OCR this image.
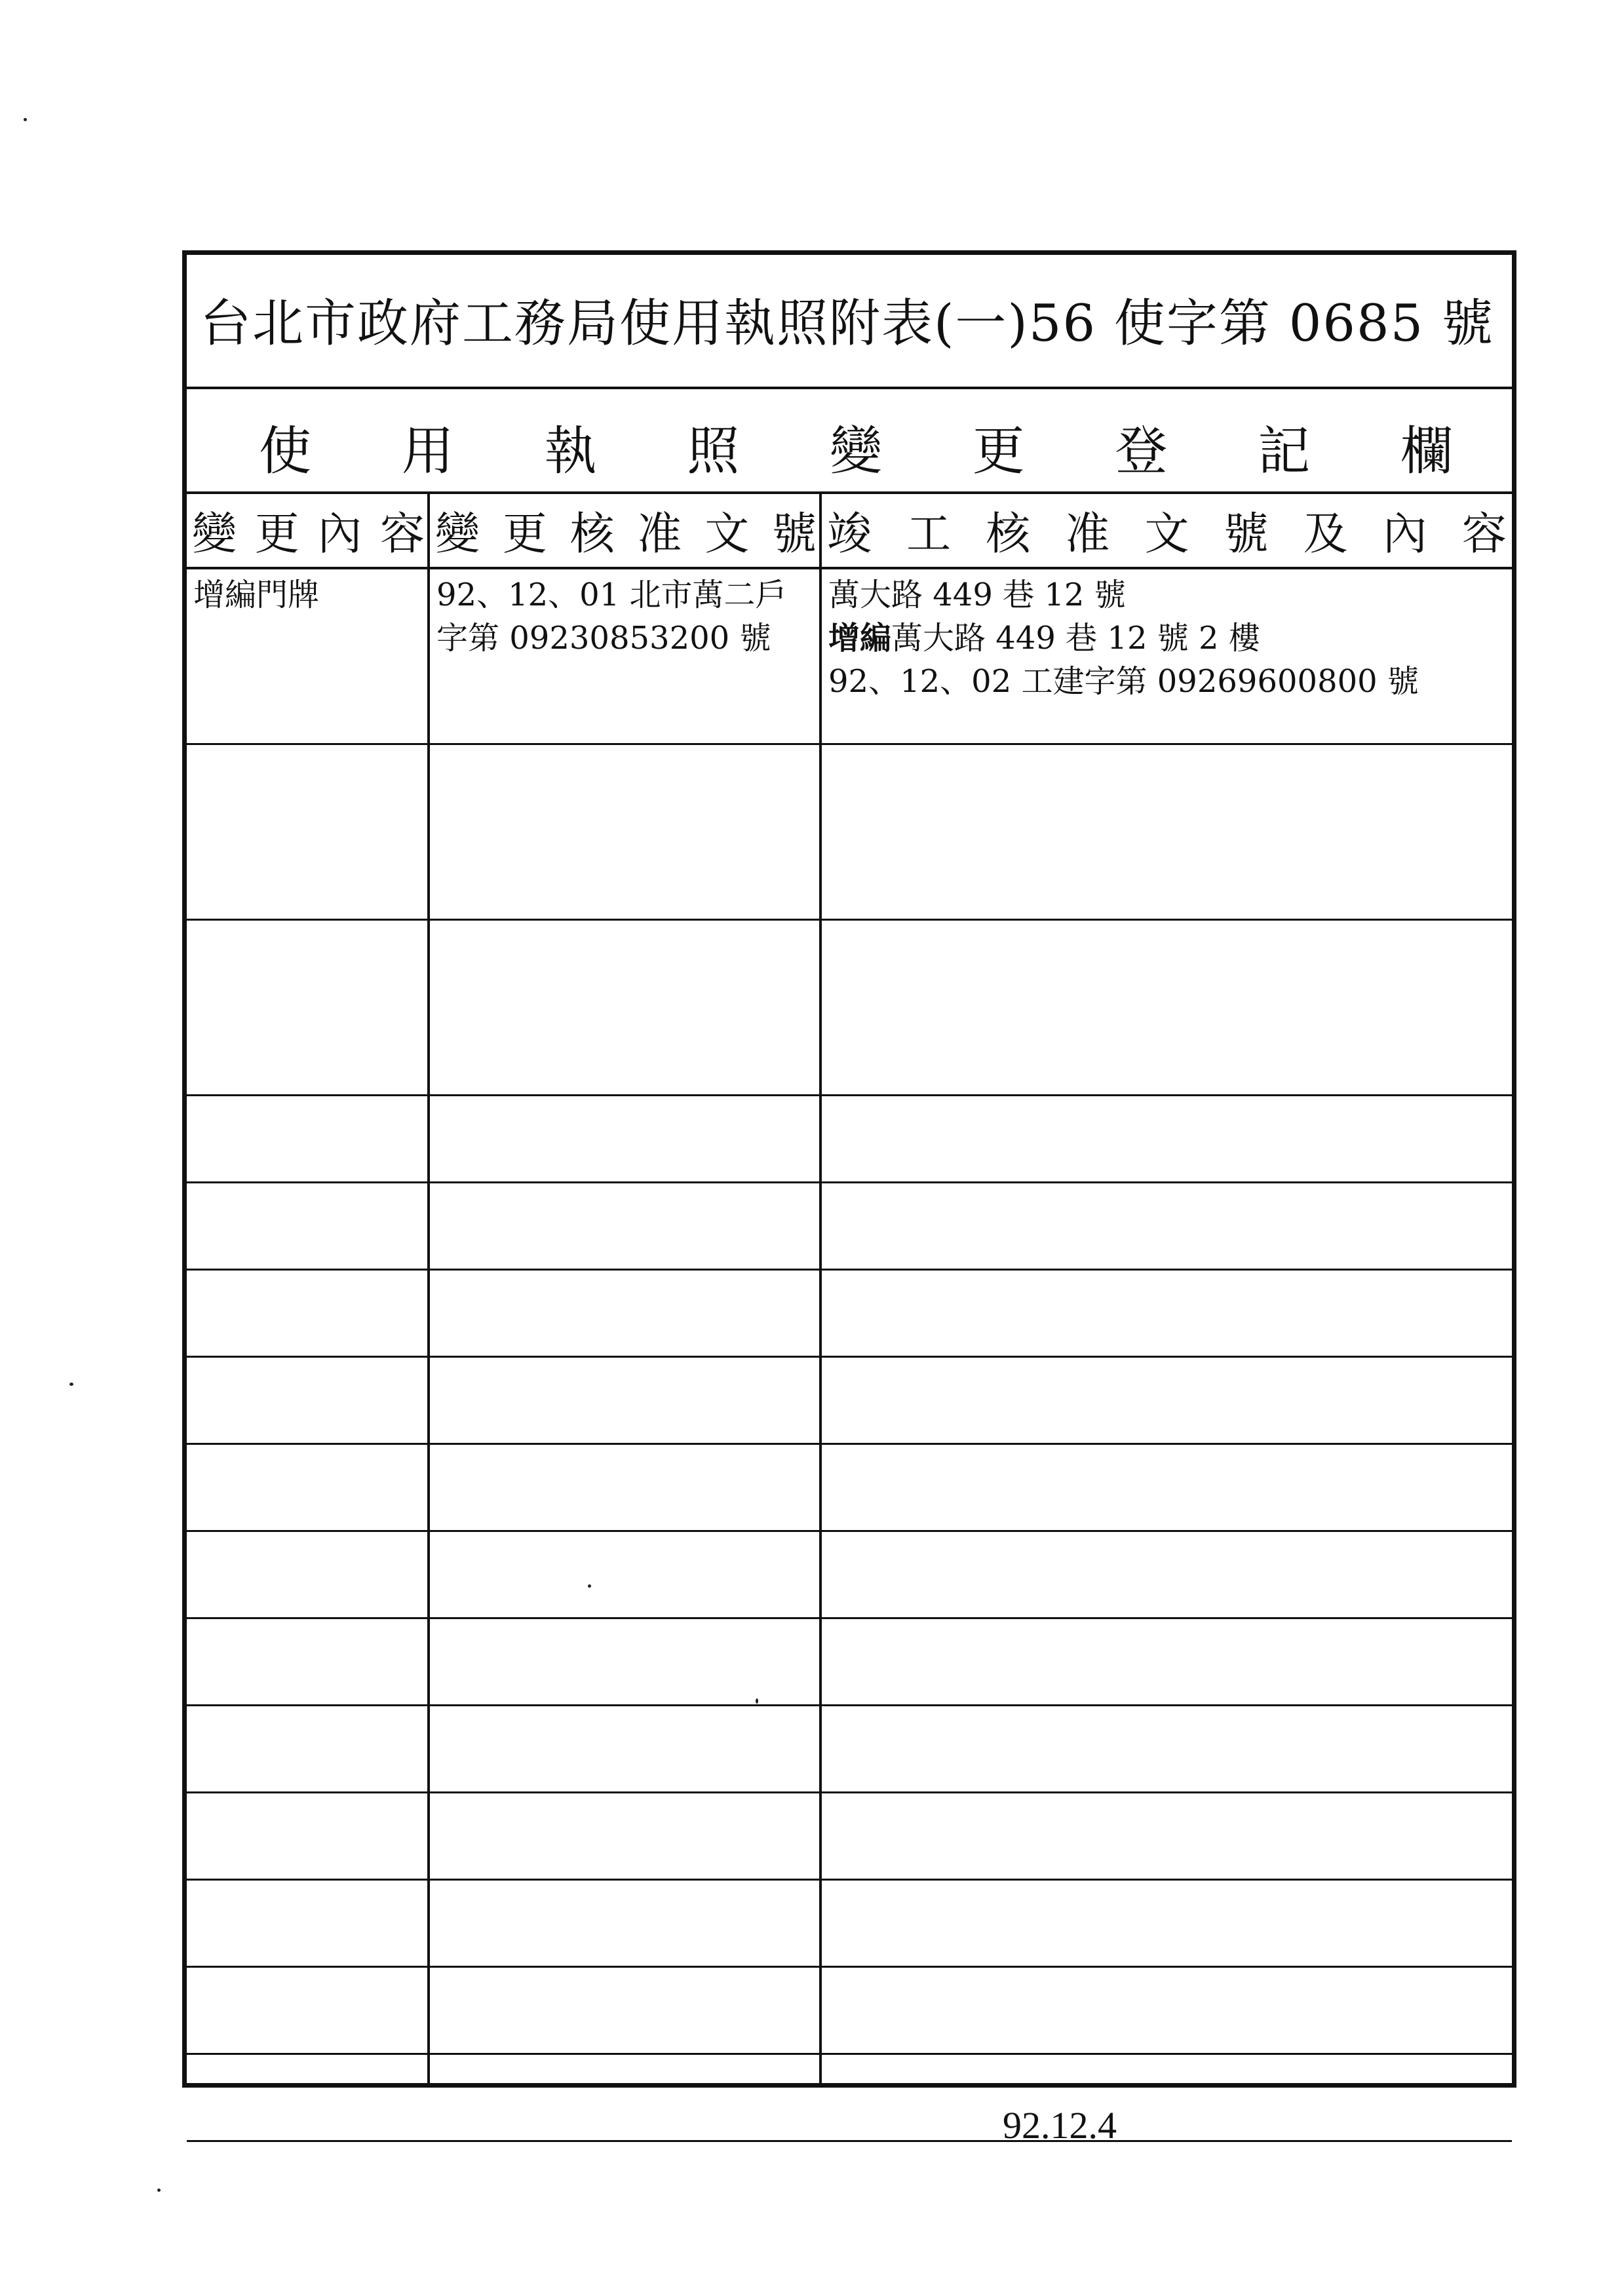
台北市政府工務局使用執照附表(一)56 使字第 0685 號
使 用 執 照 變 更 登 記 欄
變 更 內 容 變 更 核 准 文 號 竣 工 核 准 文 號 及 內 容
增編門牌	92、12、01 北市萬二戶
字第 09230853200 號
萬大路 449 巷 12 號
增編萬大路 449 巷 12 號 2 樓
92、12、02 工建字第 09269600800 號
92.12.4
